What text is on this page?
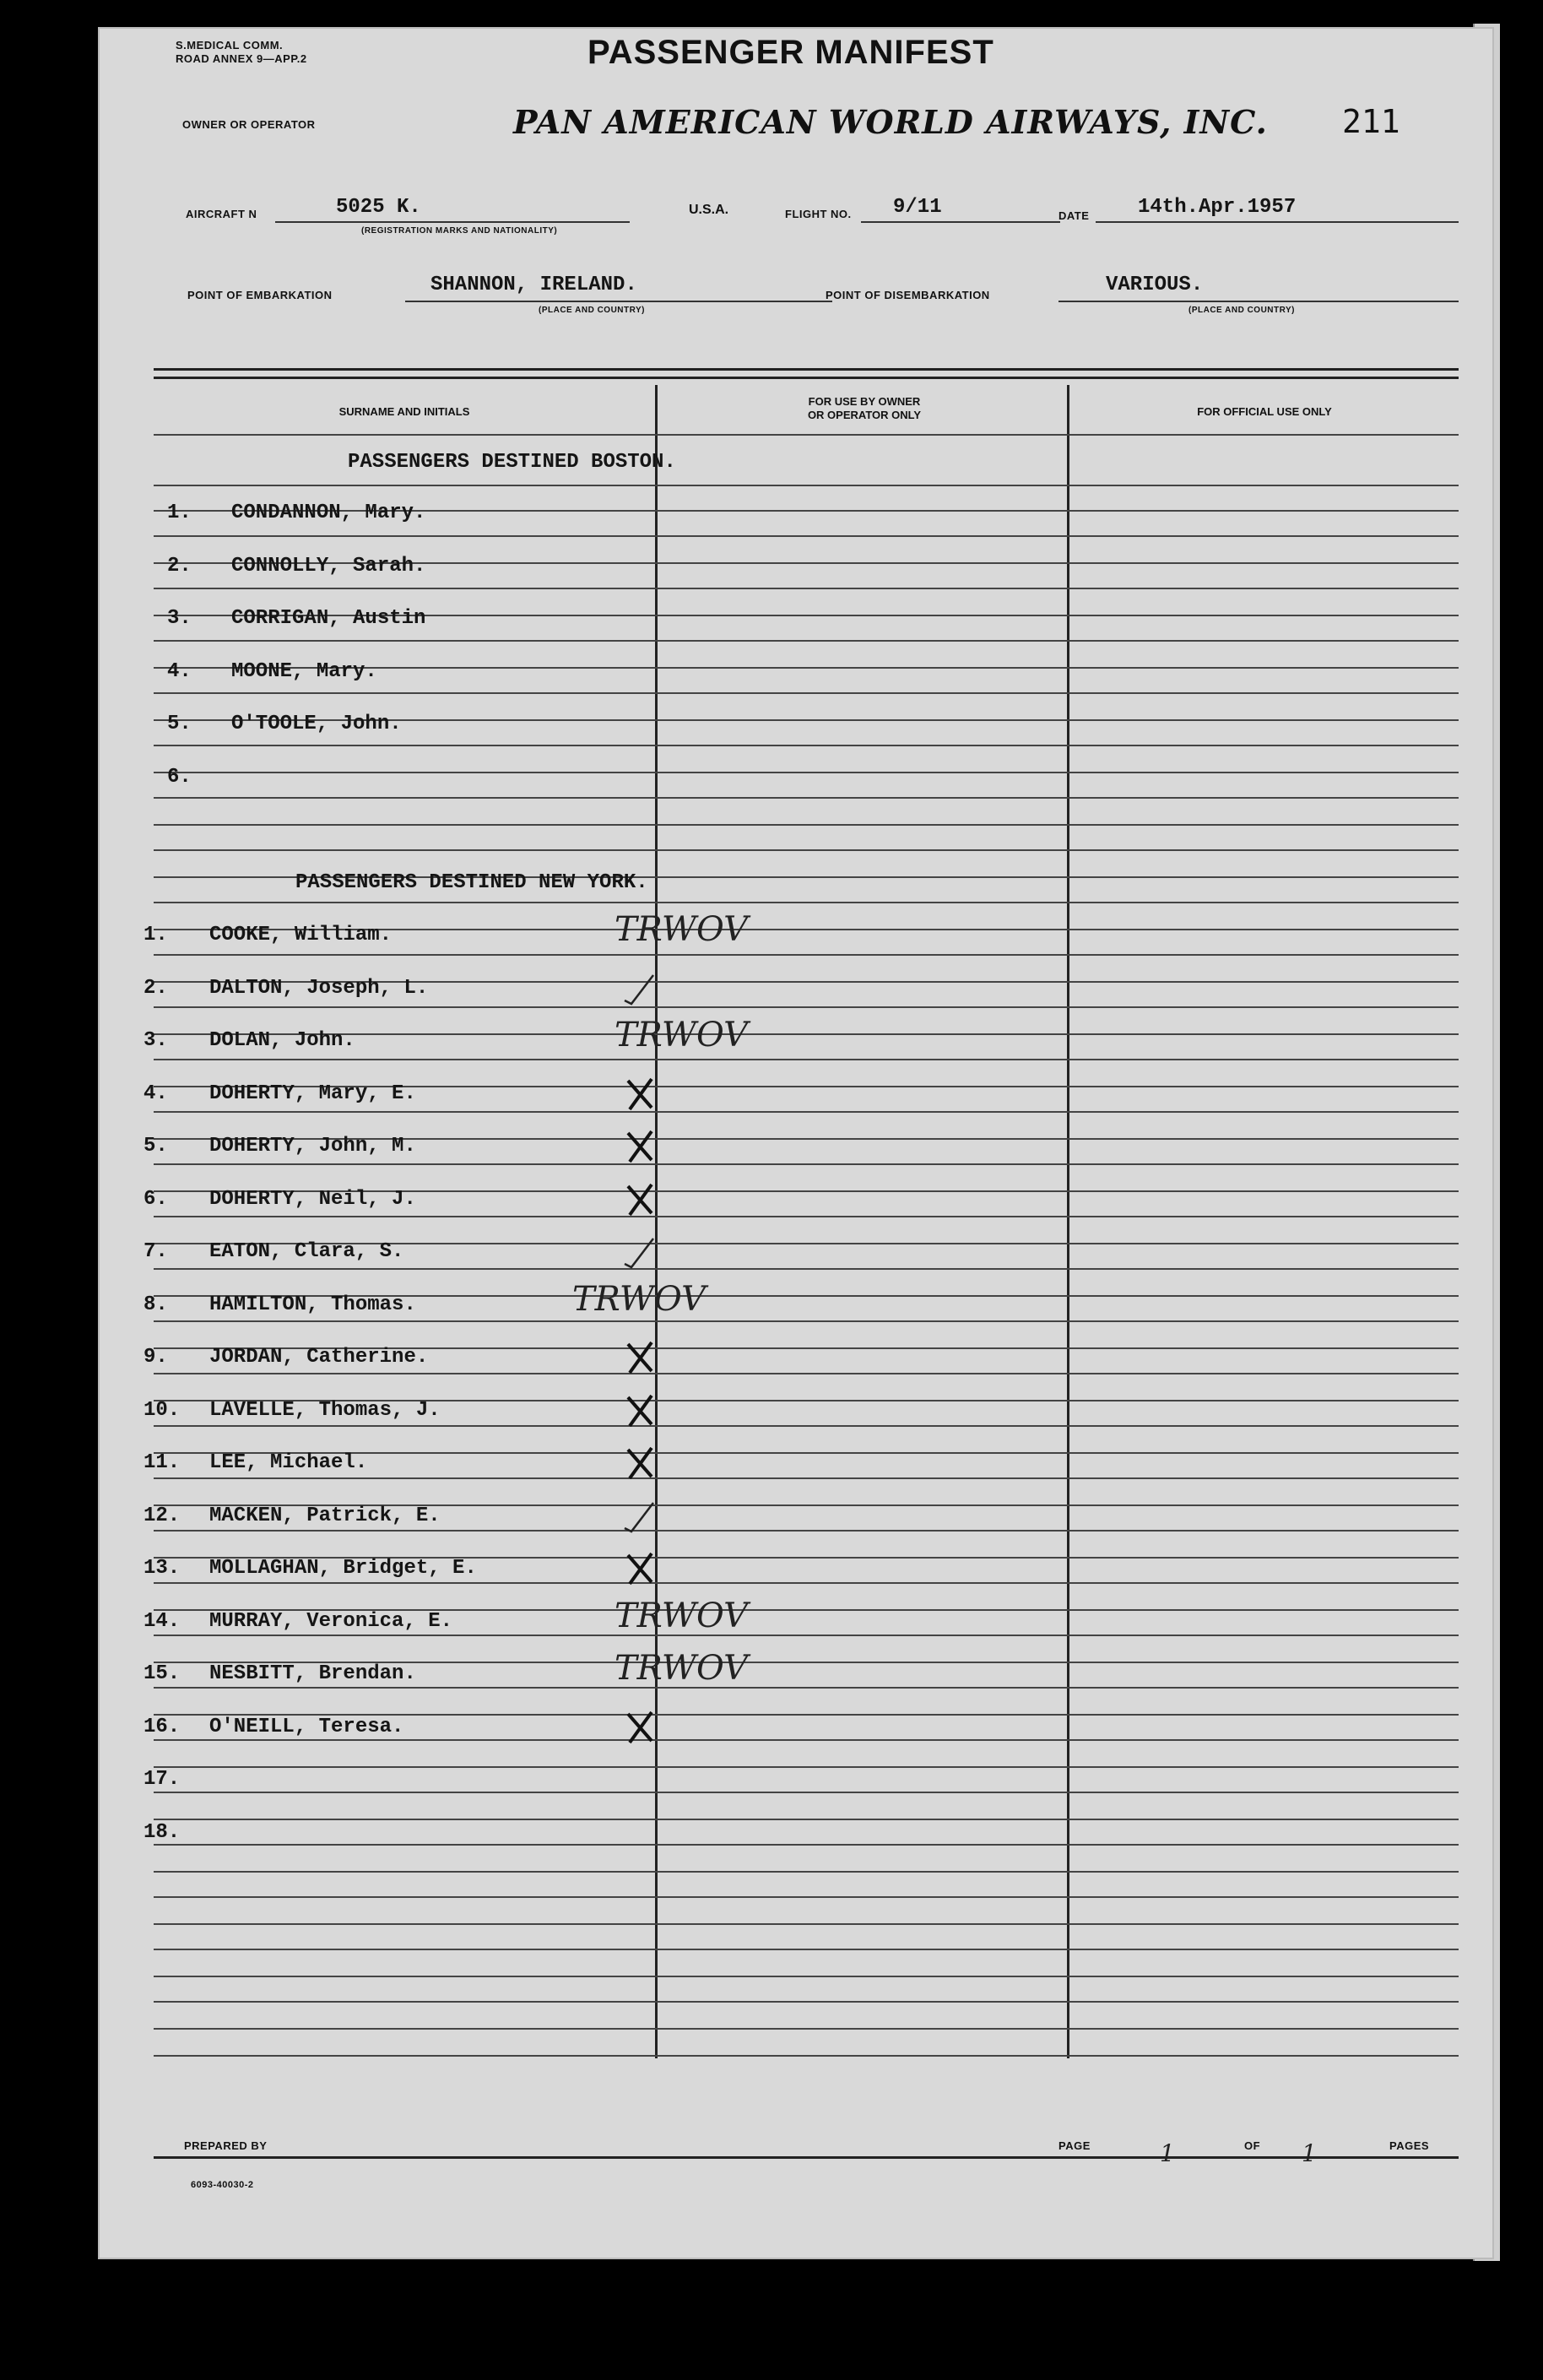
S.MEDICAL COMM.
ROAD ANNEX 9—APP.2	PASSENGER MANIFEST
OWNER OR OPERATOR	PAN AMERICAN WORLD AIRWAYS, INC. 211
AIRCRAFT N	5025 K.
(REGISTRATION MARKS AND NATIONALITY)
U.S.A.	FLIGHT NO. 9/11	DATE 14th.Apr.1957
POINT OF EMBARKATION	SHANNON, IRELAND.
(PLACE AND COUNTRY)
POINT OF DISEMBARKATION	VARIOUS.
(PLACE AND COUNTRY)
SURNAME AND INITIALS
FOR USE BY OWNER
OR OPERATOR ONLY	FOR OFFICIAL USE ONLY
PASSENGERS DESTINED BOSTON.
1. CONDANNON, Mary.
2. CONNOLLY, Sarah.
3. CORRIGAN, Austin
4. MOONE, Mary.
5. O'TOOLE, John.
6.
PASSENGERS DESTINED NEW YORK.
1. COOKE, William.	TRWOV
2. DALTON, Joseph, L.
3. DOLAN, John.	TRWOV
4. DOHERTY, Mary, E.
5. DOHERTY, John, M.
6. DOHERTY, Neil, J.
7. EATON, Clara, S.
8. HAMILTON, Thomas.	TRWOV
9. JORDAN, Catherine.
10. LAVELLE, Thomas, J.
11. LEE, Michael.
12. MACKEN, Patrick, E.
13. MOLLAGHAN, Bridget, E.
14. MURRAY, Veronica, E.	TRWOV
15. NESBITT, Brendan.	TRWOV
16. O'NEILL, Teresa.
17.
18.
PREPARED BY
6093-40030-2
PAGE	1	OF 1	PAGES
